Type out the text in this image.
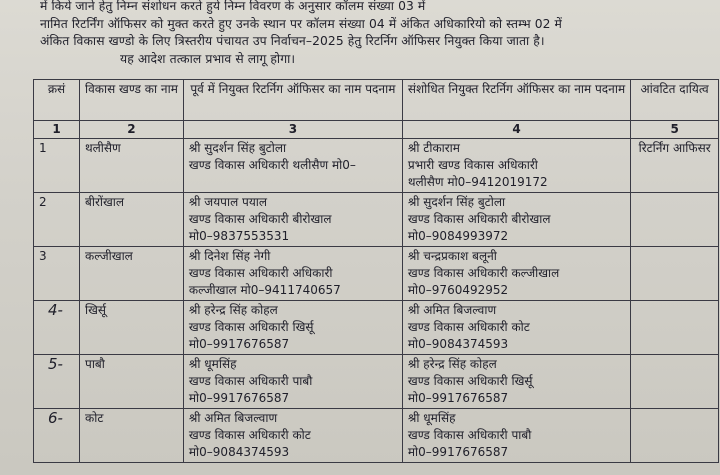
में किये जाने हेतु निम्न संशोधन करते हुये निम्न विवरण के अनुसार कॉलम संख्या 03 में
नामित रिटर्निंग ऑफिसर को मुक्त करते हुए उनके स्थान पर कॉलम संख्या 04 में अंकित अधिकारियो को स्तम्भ 02 में
अंकित विकास खण्डो के लिए त्रिस्तरीय पंचायत उप निर्वाचन–2025 हेतु रिटर्निग ऑफिसर नियुक्त किया जाता है।
यह आदेश तत्काल प्रभाव से लागू होगा।
क्रसं	विकास खण्ड का नाम	पूर्व में नियुक्त रिटर्निग ऑफिसर का नाम पदनाम	संशोधित नियुक्त रिटर्निग ऑफिसर का नाम पदनाम	आंवटित दायित्व
1	2	3	4	5
1	थलीसैण	श्री सुदर्शन सिंह बुटोला
खण्ड विकास अधिकारी थलीसैण मो0–	श्री टीकाराम
प्रभारी खण्ड विकास अधिकारी
थलीसैण मो0–9412019172	रिटर्निंग आफिसर
2	बीरोंखाल	श्री जयपाल पयाल
खण्ड विकास अधिकारी बीरोखाल
मो0–9837553531	श्री सुदर्शन सिंह बुटोला
खण्ड विकास अधिकारी बीरोखाल
मो0–9084993972	

3	कल्जीखाल	श्री दिनेश सिंह नेगी
खण्ड विकास अधिकारी अधिकारी
कल्जीखाल मो0–9411740657	श्री चन्द्रप्रकाश बलूनी
खण्ड विकास अधिकारी कल्जीखाल
मो0–9760492952	

4-	खिर्सू	श्री हरेन्द्र सिंह कोहल
खण्ड विकास अधिकारी खिर्सू
मो0–9917676587	श्री अमित बिजल्वाण
खण्ड विकास अधिकारी कोट
मो0–9084374593	

5-	पाबौ	श्री धूमसिंह
खण्ड विकास अधिकारी पाबौ
मो0–9917676587	श्री हरेन्द्र सिंह कोहल
खण्ड विकास अधिकारी खिर्सू
मो0–9917676587	

6-	कोट	श्री अमित बिजल्वाण
खण्ड विकास अधिकारी कोट
मो0–9084374593	श्री धूमसिंह
खण्ड विकास अधिकारी पाबौ
मो0–9917676587	
